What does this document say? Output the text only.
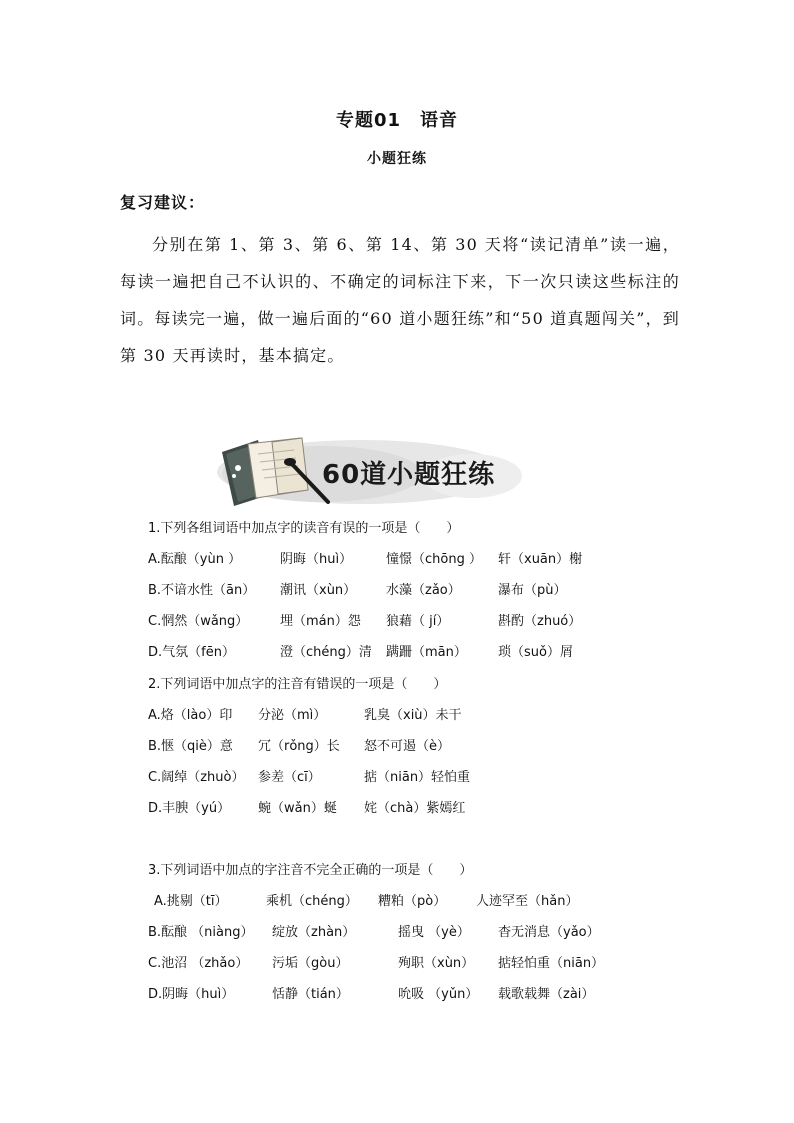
专题01　语音
小题狂练
复习建议：
分别在第 1、第 3、第 6、第 14、第 30 天将“读记清单”读一遍，每读一遍把自己不认识的、不确定的词标注下来，下一次只读这些标注的词。每读完一遍，做一遍后面的“60 道小题狂练”和“50 道真题闯关”，到第 30 天再读时，基本搞定。
60道小题狂练
1.下列各组词语中加点字的读音有误的一项是（　　）
A.酝酿（yùn ）	阴晦（huì）	憧憬（chōng ） 轩（xuān）榭
B.不谙水性（ān） 潮讯（xùn） 水藻（zǎo）	瀑布（pù）
C.惘然（wǎng） 埋（mán）怨 狼藉（ jí）	斟酌（zhuó）
D.气氛（fēn）	澄（chéng）清 蹒跚（mān） 琐（suǒ）屑
2.下列词语中加点字的注音有错误的一项是（　　）
A.烙（lào）印 分泌（mì）	乳臭（xiù）未干
B.惬（qiè）意 冗（rǒng）长 怒不可遏（è）
C.阔绰（zhuò） 参差（cī）	掂（niān）轻怕重
D.丰腴（yú） 蜿（wǎn）蜒 姹（chà）紫嫣红
3.下列词语中加点的字注音不完全正确的一项是（　　）
A.挑剔（tī）	乘机（chéng） 糟粕（pò） 人迹罕至（hǎn）
B.酝酿 （niàng） 绽放（zhàn）	摇曳 （yè） 杳无消息（yǎo）
C.池沼 （zhǎo） 污垢（gòu）	殉职（xùn） 掂轻怕重（niān）
D.阴晦（huì）	恬静（tián）	吮吸 （yǔn） 载歌载舞（zài）
